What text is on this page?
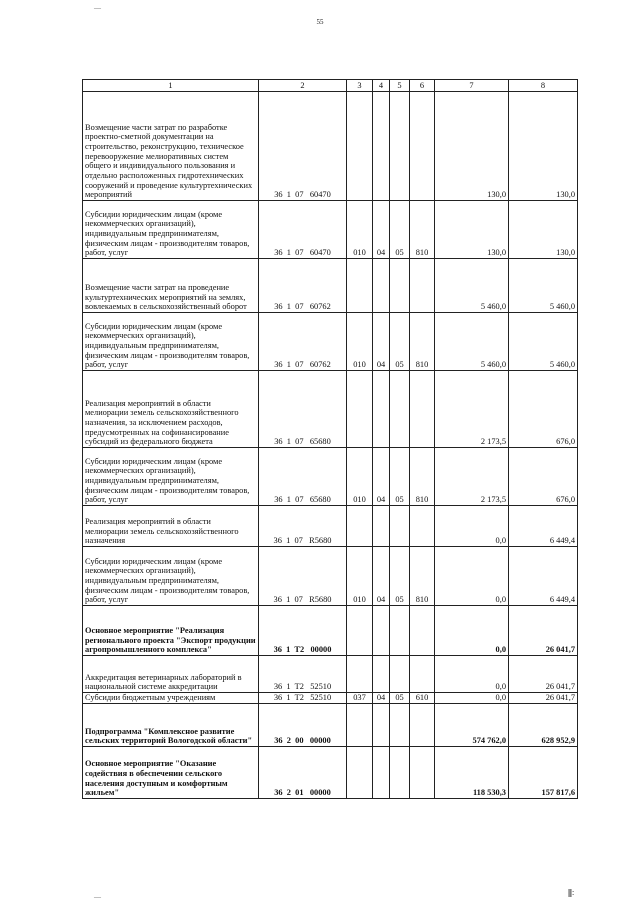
—
55
1	2	3	4	5	6	7	8
Возмещение части затрат по разработке проектно-сметной документации на строительство, реконструкцию, техническое перевооружение мелиоративных систем общего и индивидуального пользования и отдельно расположенных гидротехнических сооружений и проведение культуртехнических мероприятий	36 1 07 60470					130,0	130,0
Субсидии юридическим лицам (кроме некоммерческих организаций), индивидуальным предпринимателям, физическим лицам - производителям товаров, работ, услуг	36 1 07 60470	010	04	05	810	130,0	130,0
Возмещение части затрат на проведение культуртехнических мероприятий на землях, вовлекаемых в сельскохозяйственный оборот	36 1 07 60762					5 460,0	5 460,0
Субсидии юридическим лицам (кроме некоммерческих организаций), индивидуальным предпринимателям, физическим лицам - производителям товаров, работ, услуг	36 1 07 60762	010	04	05	810	5 460,0	5 460,0
Реализация мероприятий в области мелиорации земель сельскохозяйственного назначения, за исключением расходов, предусмотренных на софинансирование субсидий из федерального бюджета	36 1 07 65680					2 173,5	676,0
Субсидии юридическим лицам (кроме некоммерческих организаций), индивидуальным предпринимателям, физическим лицам - производителям товаров, работ, услуг	36 1 07 65680	010	04	05	810	2 173,5	676,0
Реализация мероприятий в области мелиорации земель сельскохозяйственного назначения	36 1 07 R5680					0,0	6 449,4
Субсидии юридическим лицам (кроме некоммерческих организаций), индивидуальным предпринимателям, физическим лицам - производителям товаров, работ, услуг	36 1 07 R5680	010	04	05	810	0,0	6 449,4
Основное мероприятие "Реализация регионального проекта "Экспорт продукции агропромышленного комплекса"	36 1 T2 00000					0,0	26 041,7
Аккредитация ветеринарных лабораторий в национальной системе аккредитации	36 1 T2 52510					0,0	26 041,7
Субсидии бюджетным учреждениям	36 1 T2 52510	037	04	05	610	0,0	26 041,7
Подпрограмма "Комплексное развитие сельских территорий Вологодской области"	36 2 00 00000					574 762,0	628 952,9
Основное мероприятие "Оказание содействия в обеспечении сельского населения доступным и комфортным жильем"	36 2 01 00000					118 530,3	157 817,6
—	||||| :
